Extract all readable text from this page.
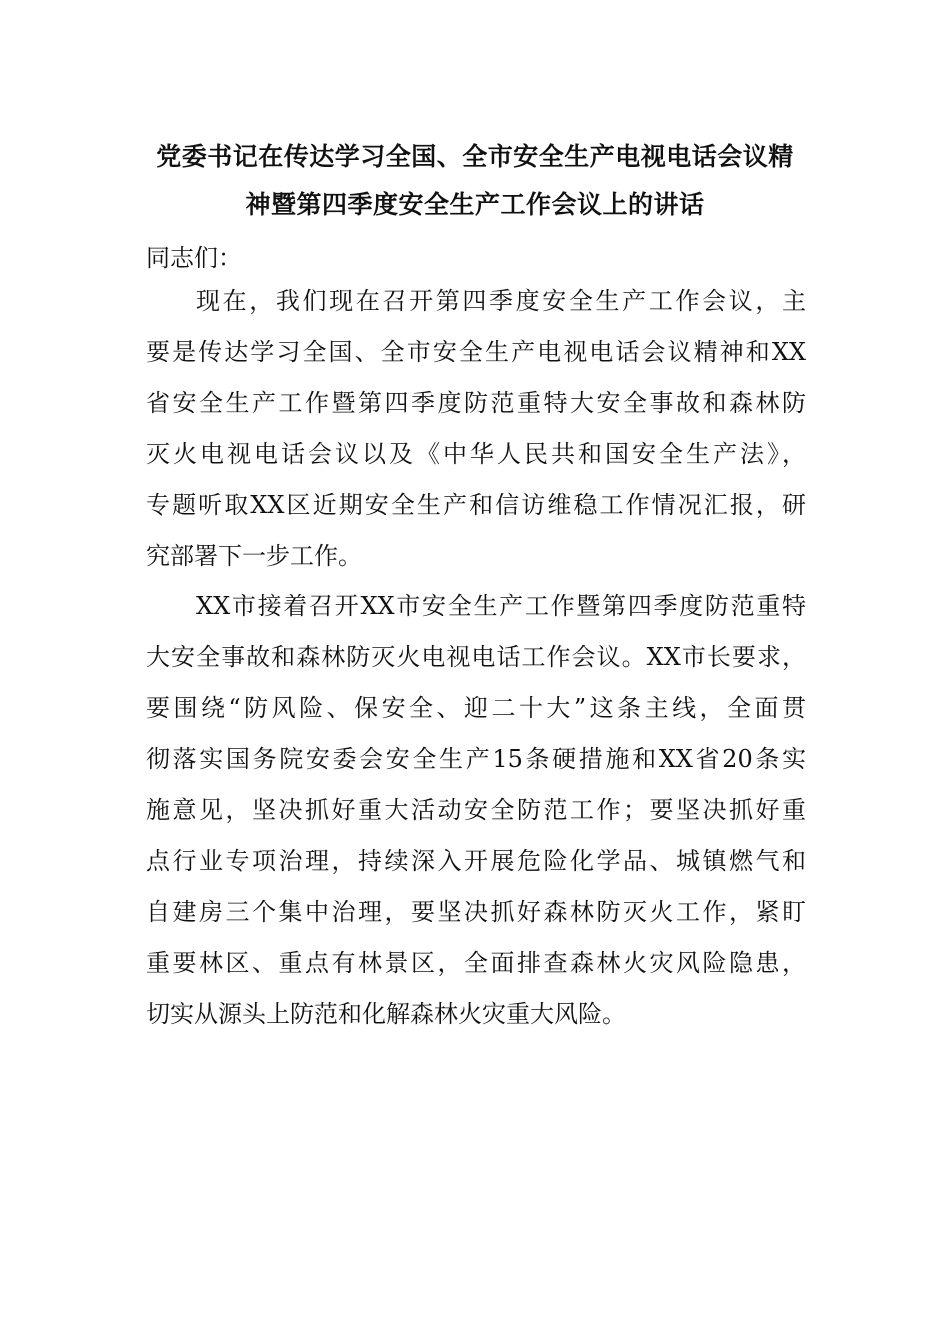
党委书记在传达学习全国、全市安全生产电视电话会议精
神暨第四季度安全生产工作会议上的讲话
同志们：
现在，我们现在召开第四季度安全生产工作会议，主
要是传达学习全国、全市安全生产电视电话会议精神和XX
省安全生产工作暨第四季度防范重特大安全事故和森林防
灭火电视电话会议以及《中华人民共和国安全生产法》，
专题听取XX区近期安全生产和信访维稳工作情况汇报，研
究部署下一步工作。
XX市接着召开XX市安全生产工作暨第四季度防范重特
大安全事故和森林防灭火电视电话工作会议。XX市长要求，
要围绕“防风险、保安全、迎二十大”这条主线，全面贯
彻落实国务院安委会安全生产15条硬措施和XX省20条实
施意见，坚决抓好重大活动安全防范工作；要坚决抓好重
点行业专项治理，持续深入开展危险化学品、城镇燃气和
自建房三个集中治理，要坚决抓好森林防灭火工作，紧盯
重要林区、重点有林景区，全面排查森林火灾风险隐患，
切实从源头上防范和化解森林火灾重大风险。
